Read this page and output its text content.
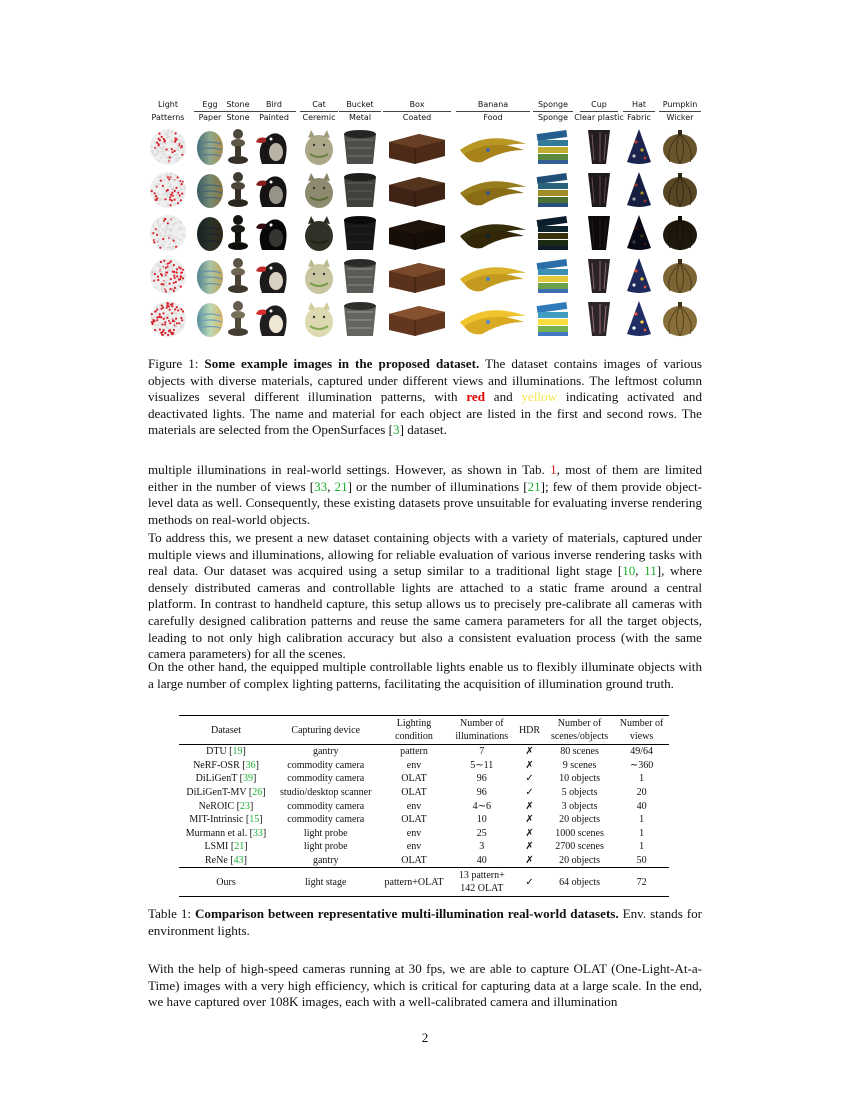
Light
Patterns
Egg
Paper
Stone
Stone
Bird
Painted
Cat
Ceremic
Bucket
Metal
Box
Coated
Banana
Food
Sponge
Sponge
Cup
Clear plastic
Hat
Fabric
Pumpkin
Wicker

Figure 1: Some example images in the proposed dataset. The dataset contains images of various objects with diverse materials, captured under different views and illuminations. The leftmost column visualizes several different illumination patterns, with red and yellow indicating activated and deactivated lights. The name and material for each object are listed in the first and second rows. The materials are selected from the OpenSurfaces [3] dataset.

multiple illuminations in real-world settings. However, as shown in Tab. 1, most of them are limited either in the number of views [33, 21] or the number of illuminations [21]; few of them provide object-level data as well. Consequently, these existing datasets prove unsuitable for evaluating inverse rendering methods on real-world objects.

To address this, we present a new dataset containing objects with a variety of materials, captured under multiple views and illuminations, allowing for reliable evaluation of various inverse rendering tasks with real data. Our dataset was acquired using a setup similar to a traditional light stage [10, 11], where densely distributed cameras and controllable lights are attached to a static frame around a central platform. In contrast to handheld capture, this setup allows us to precisely pre-calibrate all cameras with carefully designed calibration patterns and reuse the same camera parameters for all the target objects, leading to not only high calibration accuracy but also a consistent evaluation process (with the same camera parameters) for all the scenes.

On the other hand, the equipped multiple controllable lights enable us to flexibly illuminate objects with a large number of complex lighting patterns, facilitating the acquisition of illumination ground truth.

Dataset	Capturing device	Lighting
condition	Number of
illuminations	HDR	Number of
scenes/objects	Number of
views
DTU [19]	gantry	pattern	7	✗	80 scenes	49/64
NeRF-OSR [36]	commodity camera	env	5∼11	✗	9 scenes	∼360
DiLiGenT [39]	commodity camera	OLAT	96	✓	10 objects	1
DiLiGenT-MV [26]	studio/desktop scanner	OLAT	96	✓	5 objects	20
NeROIC [23]	commodity camera	env	4∼6	✗	3 objects	40
MIT-Intrinsic [15]	commodity camera	OLAT	10	✗	20 objects	1
Murmann et al. [33]	light probe	env	25	✗	1000 scenes	1
LSMI [21]	light probe	env	3	✗	2700 scenes	1
ReNe [43]	gantry	OLAT	40	✗	20 objects	50
Ours	light stage	pattern+OLAT	13 pattern+
142 OLAT	✓	64 objects	72

Table 1: Comparison between representative multi-illumination real-world datasets. Env. stands for environment lights.

With the help of high-speed cameras running at 30 fps, we are able to capture OLAT (One-Light-At-a-Time) images with a very high efficiency, which is critical for capturing data at a large scale. In the end, we have captured over 108K images, each with a well-calibrated camera and illumination

2
